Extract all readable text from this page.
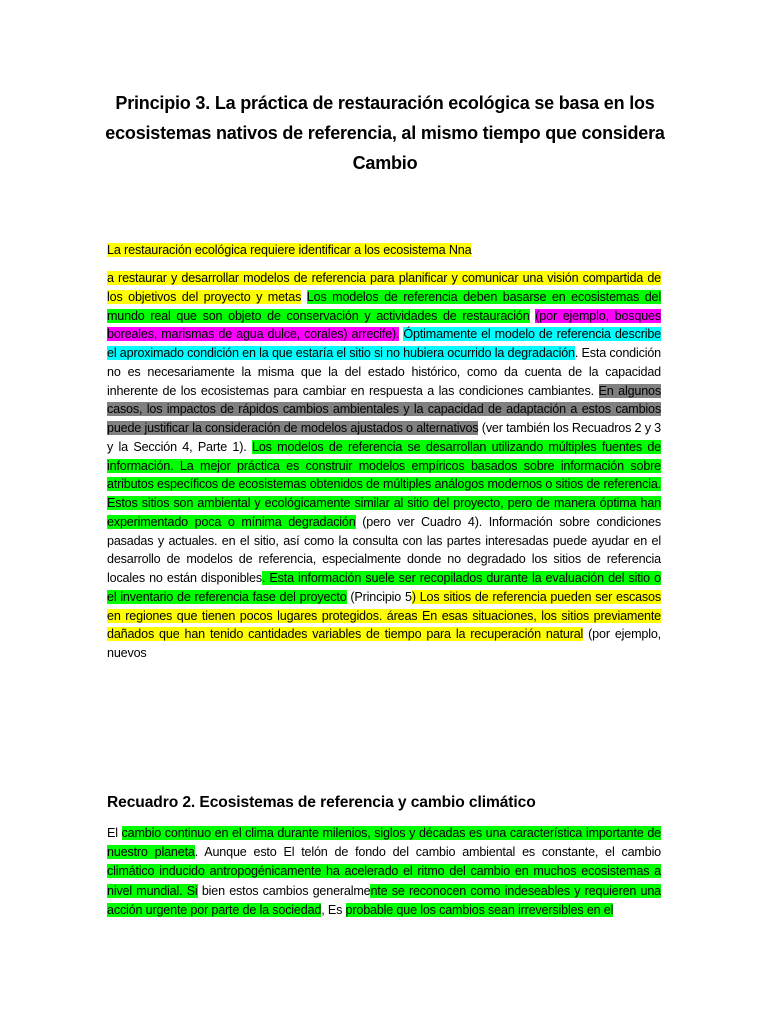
Principio 3. La práctica de restauración ecológica se basa en los ecosistemas nativos de referencia, al mismo tiempo que considera Cambio
La restauración ecológica requiere identificar a los ecosistema Nna
a restaurar y desarrollar modelos de referencia para planificar y comunicar una visión compartida de los objetivos del proyecto y metas Los modelos de referencia deben basarse en ecosistemas del mundo real que son objeto de conservación y actividades de restauración (por ejemplo, bosques boreales, marismas de agua dulce, corales) arrecife). Óptimamente el modelo de referencia describe el aproximado condición en la que estaría el sitio si no hubiera ocurrido la degradación. Esta condición no es necesariamente la misma que la del estado histórico, como da cuenta de la capacidad inherente de los ecosistemas para cambiar en respuesta a las condiciones cambiantes. En algunos casos, los impactos de rápidos cambios ambientales y la capacidad de adaptación a estos cambios puede justificar la consideración de modelos ajustados o alternativos (ver también los Recuadros 2 y 3 y la Sección 4, Parte 1). Los modelos de referencia se desarrollan utilizando múltiples fuentes de información. La mejor práctica es construir modelos empíricos basados sobre información sobre atributos específicos de ecosistemas obtenidos de múltiples análogos modernos o sitios de referencia. Estos sitios son ambiental y ecológicamente similar al sitio del proyecto, pero de manera óptima han experimentado poca o mínima degradación (pero ver Cuadro 4). Información sobre condiciones pasadas y actuales. en el sitio, así como la consulta con las partes interesadas puede ayudar en el desarrollo de modelos de referencia, especialmente donde no degradado los sitios de referencia locales no están disponibles. Esta información suele ser recopilados durante la evaluación del sitio o el inventario de referencia fase del proyecto (Principio 5) Los sitios de referencia pueden ser escasos en regiones que tienen pocos lugares protegidos. áreas En esas situaciones, los sitios previamente dañados que han tenido cantidades variables de tiempo para la recuperación natural (por ejemplo, nuevos
Recuadro 2. Ecosistemas de referencia y cambio climático
El cambio continuo en el clima durante milenios, siglos y décadas es una característica importante de nuestro planeta. Aunque esto El telón de fondo del cambio ambiental es constante, el cambio climático inducido antropogénicamente ha acelerado el ritmo del cambio en muchos ecosistemas a nivel mundial. Si bien estos cambios generalmente se reconocen como indeseables y requieren una acción urgente por parte de la sociedad, Es probable que los cambios sean irreversibles en el
